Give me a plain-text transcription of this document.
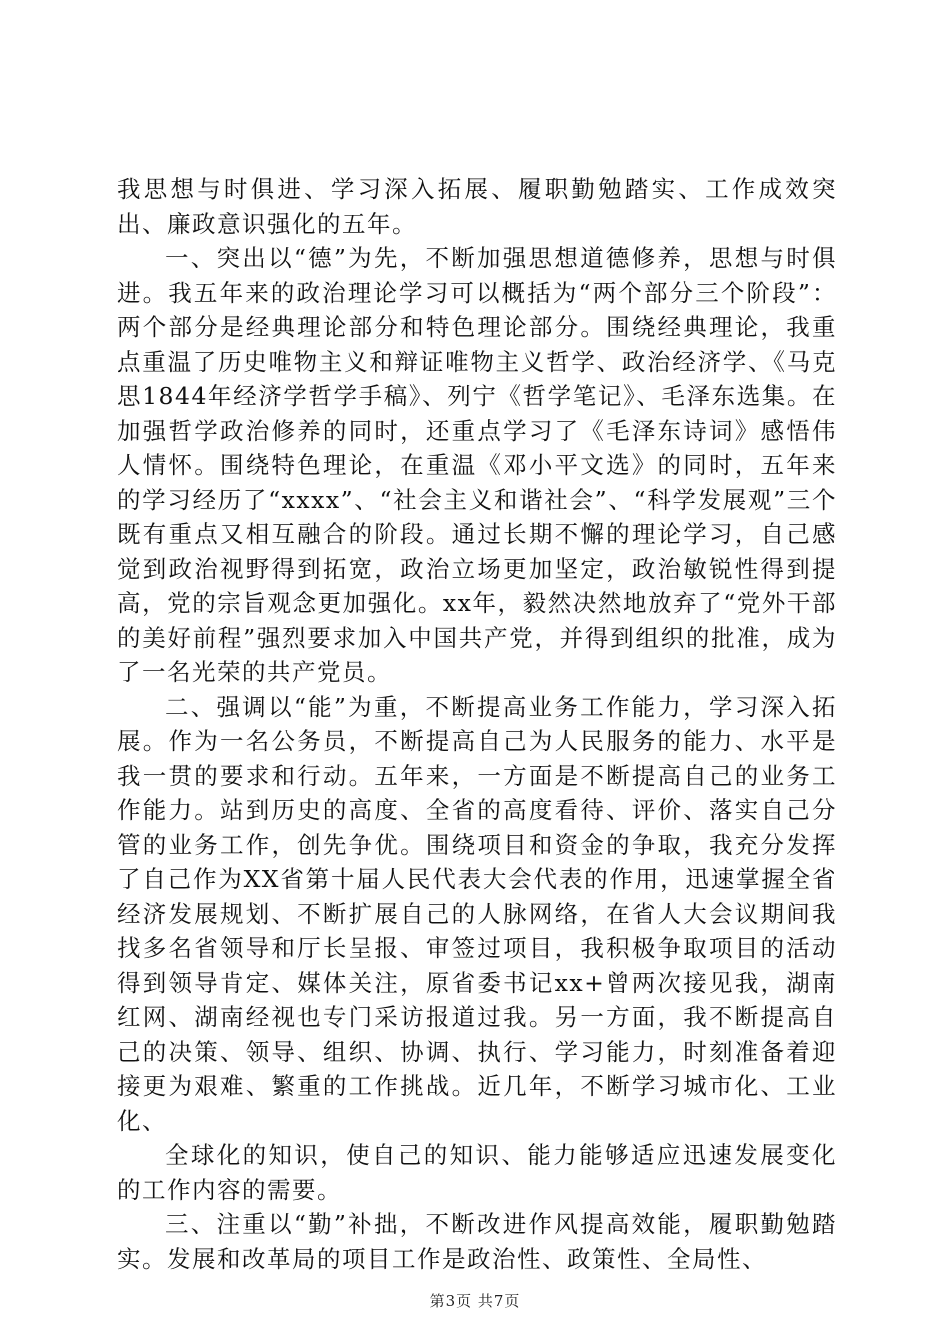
我思想与时俱进、学习深入拓展、履职勤勉踏实、工作成效突出、廉政意识强化的五年。

一、突出以“德”为先，不断加强思想道德修养，思想与时俱进。我五年来的政治理论学习可以概括为“两个部分三个阶段”：两个部分是经典理论部分和特色理论部分。围绕经典理论，我重点重温了历史唯物主义和辩证唯物主义哲学、政治经济学、《马克思1844年经济学哲学手稿》、列宁《哲学笔记》、毛泽东选集。在加强哲学政治修养的同时，还重点学习了《毛泽东诗词》感悟伟人情怀。围绕特色理论，在重温《邓小平文选》的同时，五年来的学习经历了“xxxx”、“社会主义和谐社会”、“科学发展观”三个既有重点又相互融合的阶段。通过长期不懈的理论学习，自己感觉到政治视野得到拓宽，政治立场更加坚定，政治敏锐性得到提高，党的宗旨观念更加强化。xx年，毅然决然地放弃了“党外干部的美好前程”强烈要求加入中国共产党，并得到组织的批准，成为了一名光荣的共产党员。

二、强调以“能”为重，不断提高业务工作能力，学习深入拓展。作为一名公务员，不断提高自己为人民服务的能力、水平是我一贯的要求和行动。五年来，一方面是不断提高自己的业务工作能力。站到历史的高度、全省的高度看待、评价、落实自己分管的业务工作，创先争优。围绕项目和资金的争取，我充分发挥了自己作为XX省第十届人民代表大会代表的作用，迅速掌握全省经济发展规划、不断扩展自己的人脉网络，在省人大会议期间我找多名省领导和厅长呈报、审签过项目，我积极争取项目的活动得到领导肯定、媒体关注，原省委书记xx+曾两次接见我，湖南红网、湖南经视也专门采访报道过我。另一方面，我不断提高自己的决策、领导、组织、协调、执行、学习能力，时刻准备着迎接更为艰难、繁重的工作挑战。近几年，不断学习城市化、工业化、

全球化的知识，使自己的知识、能力能够适应迅速发展变化的工作内容的需要。

三、注重以“勤”补拙，不断改进作风提高效能，履职勤勉踏实。发展和改革局的项目工作是政治性、政策性、全局性、

第3页 共7页
